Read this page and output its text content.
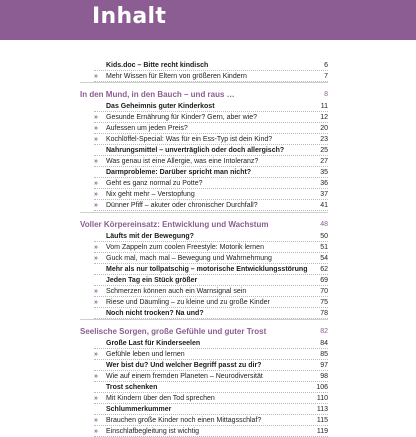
Inhalt
Kids.doc – Bitte recht kindisch	6
» Mehr Wissen für Eltern von größeren Kindern	7
In den Mund, in den Bauch – und raus …	8
Das Geheimnis guter Kinderkost	11
» Gesunde Ernährung für Kinder? Gern, aber wie?	12
» Aufessen um jeden Preis?	20
» Kochlöffel-Special: Was für ein Ess-Typ ist dein Kind?	23
Nahrungsmittel – unverträglich oder doch allergisch?	25
» Was genau ist eine Allergie, was eine Intoleranz?	27
Darmprobleme: Darüber spricht man nicht?	35
» Geht es ganz normal zu Potte?	36
» Nix geht mehr – Verstopfung	37
» Dünner Pfiff – akuter oder chronischer Durchfall?	41
Voller Körpereinsatz: Entwicklung und Wachstum	48
Läufts mit der Bewegung?	50
» Vom Zappeln zum coolen Freestyle: Motorik lernen	51
» Guck mal, mach mal – Bewegung und Wahrnehmung	54
Mehr als nur tollpatschig – motorische Entwicklungsstörung 62
Jeden Tag ein Stück größer	69
» Schmerzen können auch ein Warnsignal sein	70
» Riese und Däumling – zu kleine und zu große Kinder	75
Noch nicht trocken? Na und?	78
Seelische Sorgen, große Gefühle und guter Trost	82
Große Last für Kinderseelen	84
» Gefühle leben und lernen	85
Wer bist du? Und welcher Begriff passt zu dir?	97
» Wie auf einem fremden Planeten – Neurodiversität	98
Trost schenken	106
» Mit Kindern über den Tod sprechen	110
Schlummerkummer	113
» Brauchen große Kinder noch einen Mittagsschlaf?	115
» Einschlafbegleitung ist wichtig	119
